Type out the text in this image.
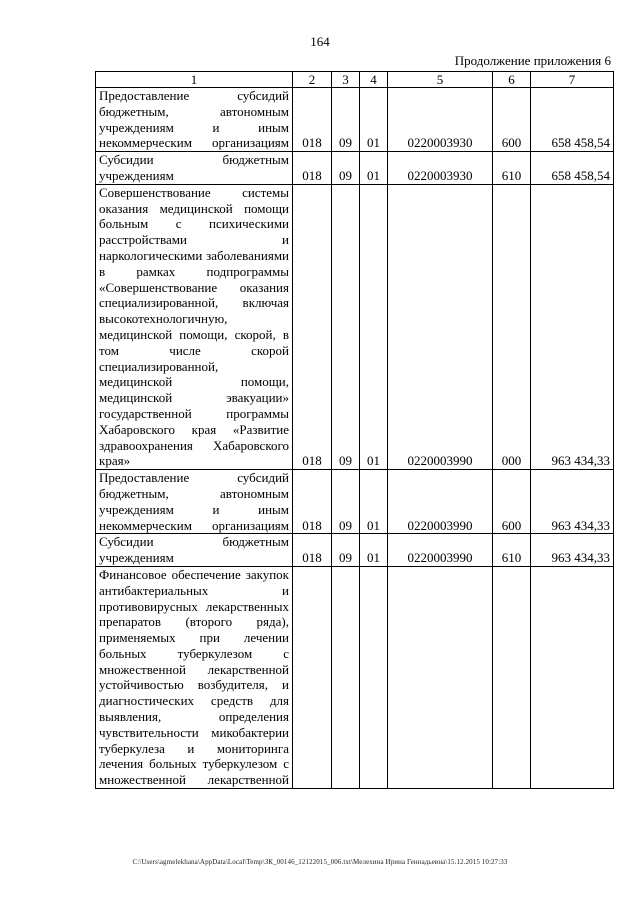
164
Продолжение приложения 6
1	2	3	4	5	6	7
Предоставление субсидий бюджетным, автономным учреждениям и иным некоммерческим организациям	018	09	01	0220003930	600	658 458,54
Субсидии бюджетным учреждениям	018	09	01	0220003930	610	658 458,54
Совершенствование системы оказания медицинской помощи больным с психическими расстройствами и наркологическими заболеваниями в рамках подпрограммы «Совершенствование оказания специализированной, включая высокотехнологичную, медицинской помощи, скорой, в том числе скорой специализированной, медицинской помощи, медицинской эвакуации» государственной программы Хабаровского края «Развитие здравоохранения Хабаровского края»	018	09	01	0220003990	000	963 434,33
Предоставление субсидий бюджетным, автономным учреждениям и иным некоммерческим организациям	018	09	01	0220003990	600	963 434,33
Субсидии бюджетным учреждениям	018	09	01	0220003990	610	963 434,33
Финансовое обеспечение закупок антибактериальных и противовирусных лекарственных препаратов (второго ряда), применяемых при лечении больных туберкулезом с множественной лекарственной устойчивостью возбудителя, и диагностических средств для выявления, определения чувствительности микобактерии туберкулеза и мониторинга лечения больных туберкулезом с множественной лекарственной						
C:\Users\agmelekhana\AppData\Local\Temp\ЗК_00146_12122015_006.txt\Мелехина Ирина Геннадьевна\15.12.2015 10:27:33
